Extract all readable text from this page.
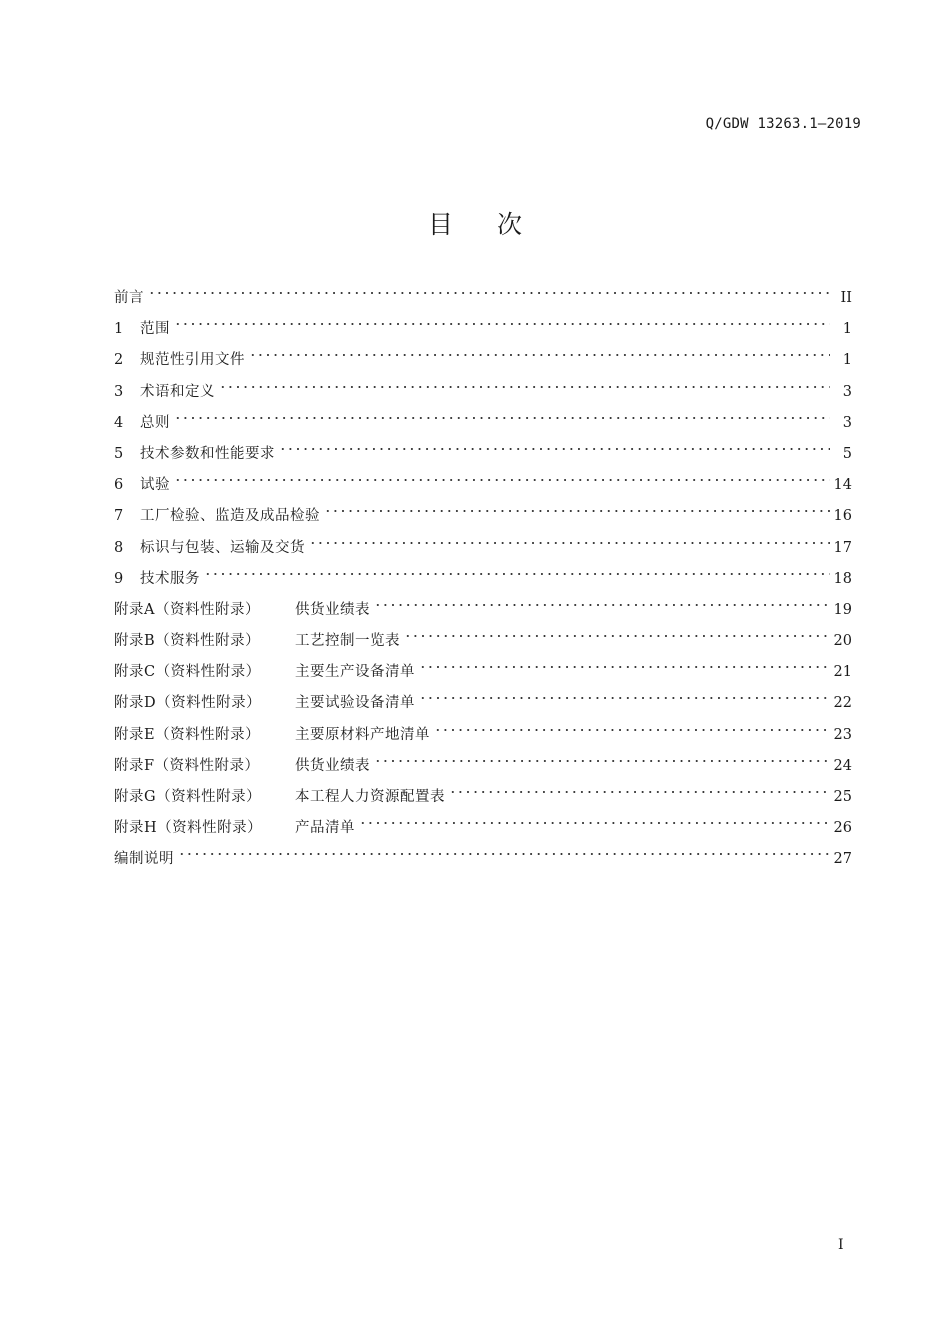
Q/GDW 13263.1—2019
目次
前言	II
1	范围	1
2	规范性引用文件	1
3	术语和定义	3
4	总则	3
5	技术参数和性能要求	5
6	试验	14
7	工厂检验、监造及成品检验	16
8	标识与包装、运输及交货	17
9	技术服务	18
附录A（资料性附录）	供货业绩表	19
附录B（资料性附录）	工艺控制一览表	20
附录C（资料性附录）	主要生产设备清单	21
附录D（资料性附录）	主要试验设备清单	22
附录E（资料性附录）	主要原材料产地清单	23
附录F（资料性附录）	供货业绩表	24
附录G（资料性附录）	本工程人力资源配置表	25
附录H（资料性附录）	产品清单	26
编制说明	27
I
